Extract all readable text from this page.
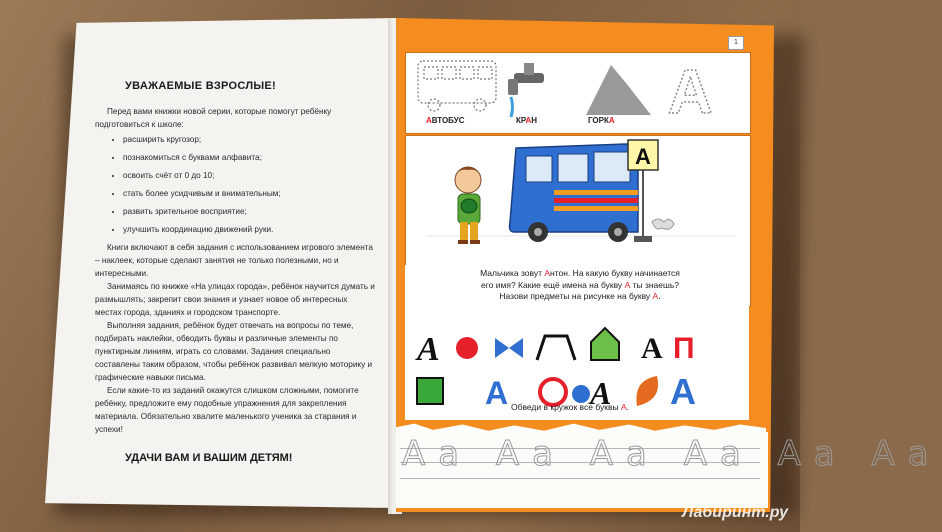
УВАЖАЕМЫЕ ВЗРОСЛЫЕ!

Перед вами книжки новой серии, которые помогут ребёнку подготовиться к школе:

• расширить кругозор;
• познакомиться с буквами алфавита;
• освоить счёт от 0 до 10;
• стать более усидчивым и внимательным;
• развить зрительное восприятие;
• улучшить координацию движений руки.

Книги включают в себя задания с использованием игрового элемента – наклеек, которые сделают занятия не только полезными, но и интересными.

Занимаясь по книжке «На улицах города», ребёнок научится думать и размышлять; закрепит свои знания и узнает новое об интересных местах города, зданиях и городском транспорте.

Выполняя задания, ребёнок будет отвечать на вопросы по теме, подбирать наклейки, обводить буквы и различные элементы по пунктирным линиям, играть со словами. Задания специально составлены таким образом, чтобы ребёнок развивал мелкую моторику и графические навыки письма.

Если какие-то из заданий окажутся слишком сложными, помогите ребёнку, предложите ему подобные упражнения для закрепления материала. Обязательно хвалите маленького ученика за старания и успехи!

УДАЧИ ВАМ И ВАШИМ ДЕТЯМ!
1
А
АВТОБУС	КРАН	ГОРКА
А
Мальчика зовут Антон. На какую букву начинается
его имя? Какие ещё имена на букву А ты знаешь?
Назови предметы на рисунке на букву А.
А	А П
А	А А
Обведи в кружок все буквы А.
Аа Аа Аа Аа Аа Аа
Лабиринт.ру
